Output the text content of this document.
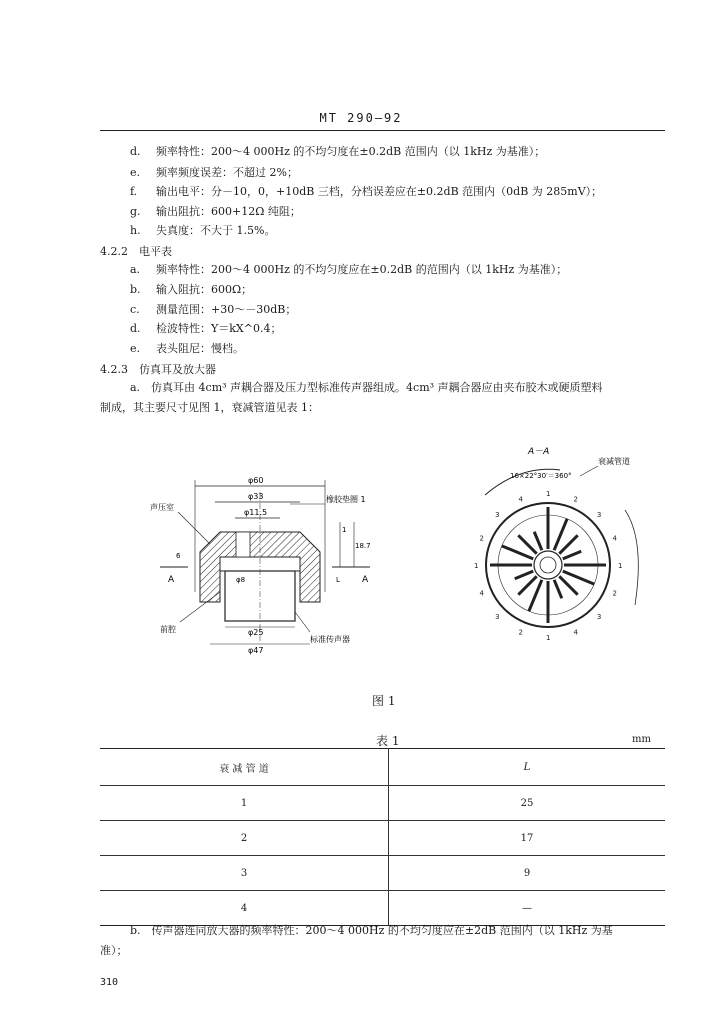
MT 290—92
d. 频率特性：200～4 000Hz 的不均匀度在±0.2dB 范围内（以 1kHz 为基准）；
e. 频率频度误差：不超过 2%；
f. 输出电平：分－10，0，+10dB 三档，分档误差应在±0.2dB 范围内（0dB 为 285mV）；
g. 输出阻抗：600+12Ω 纯阻；
h. 失真度：不大于 1.5%。
4.2.2　 电平表
a. 频率特性：200～4 000Hz 的不均匀度应在±0.2dB 的范围内（以 1kHz 为基准）；
b. 输入阻抗：600Ω；
c. 测量范围：+30～－30dB；
d. 检波特性：Y＝kX^0.4；
e. 表头阻尼：慢档。
4.2.3　 仿真耳及放大器
a.　仿真耳由 4cm³ 声耦合器及压力型标准传声器组成。4cm³ 声耦合器应由夹布胶木或硬质塑料
制成，其主要尺寸见图 1，衰减管道见表 1：
φ60
φ33
φ11.5
A	A
1
18.7
L
6
φ8
声压室
橡胶垫圈 1
前腔
标准传声器
φ25
φ47
A－A
16×22°30′＝360°
衰减管道
1
2
3
4
1
2
3
4
1
2
3
4
1
2
3
4
图 1
表 1	mm
衰 减 管 道	L
1	25
2	17
3	9
4	—
b.　传声器连同放大器的频率特性：200～4 000Hz 的不均匀度应在±2dB 范围内（以 1kHz 为基
准）；
310
